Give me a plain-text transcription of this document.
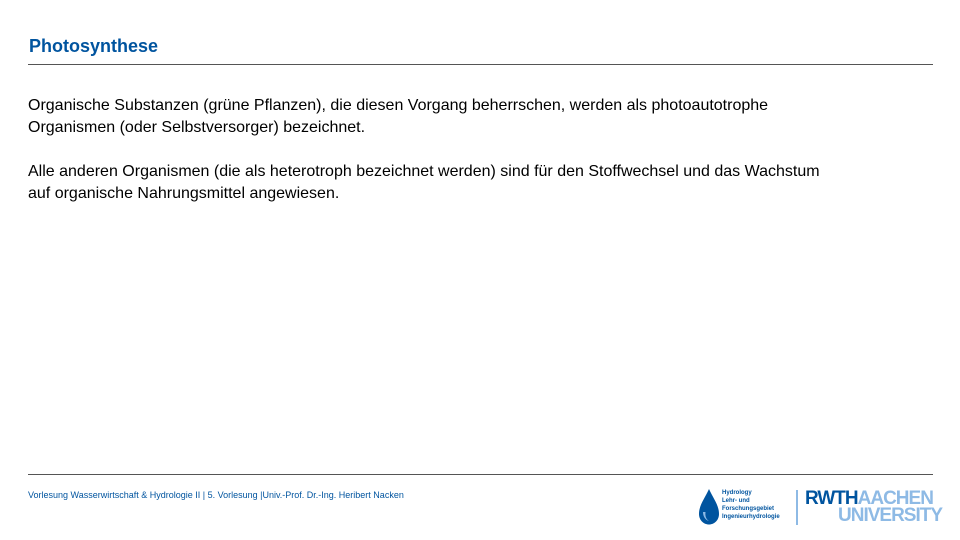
Photosynthese

Organische Substanzen (grüne Pflanzen), die diesen Vorgang beherrschen, werden als photoautotrophe
Organismen (oder Selbstversorger) bezeichnet.

Alle anderen Organismen (die als heterotroph bezeichnet werden) sind für den Stoffwechsel und das Wachstum
auf organische Nahrungsmittel angewiesen.

Vorlesung Wasserwirtschaft & Hydrologie II | 5. Vorlesung |Univ.-Prof. Dr.-Ing. Heribert Nacken	Hydrology
Lehr- und
Forschungsgebiet
Ingenieurhydrologie
RWTHAACHEN
UNIVERSITY
